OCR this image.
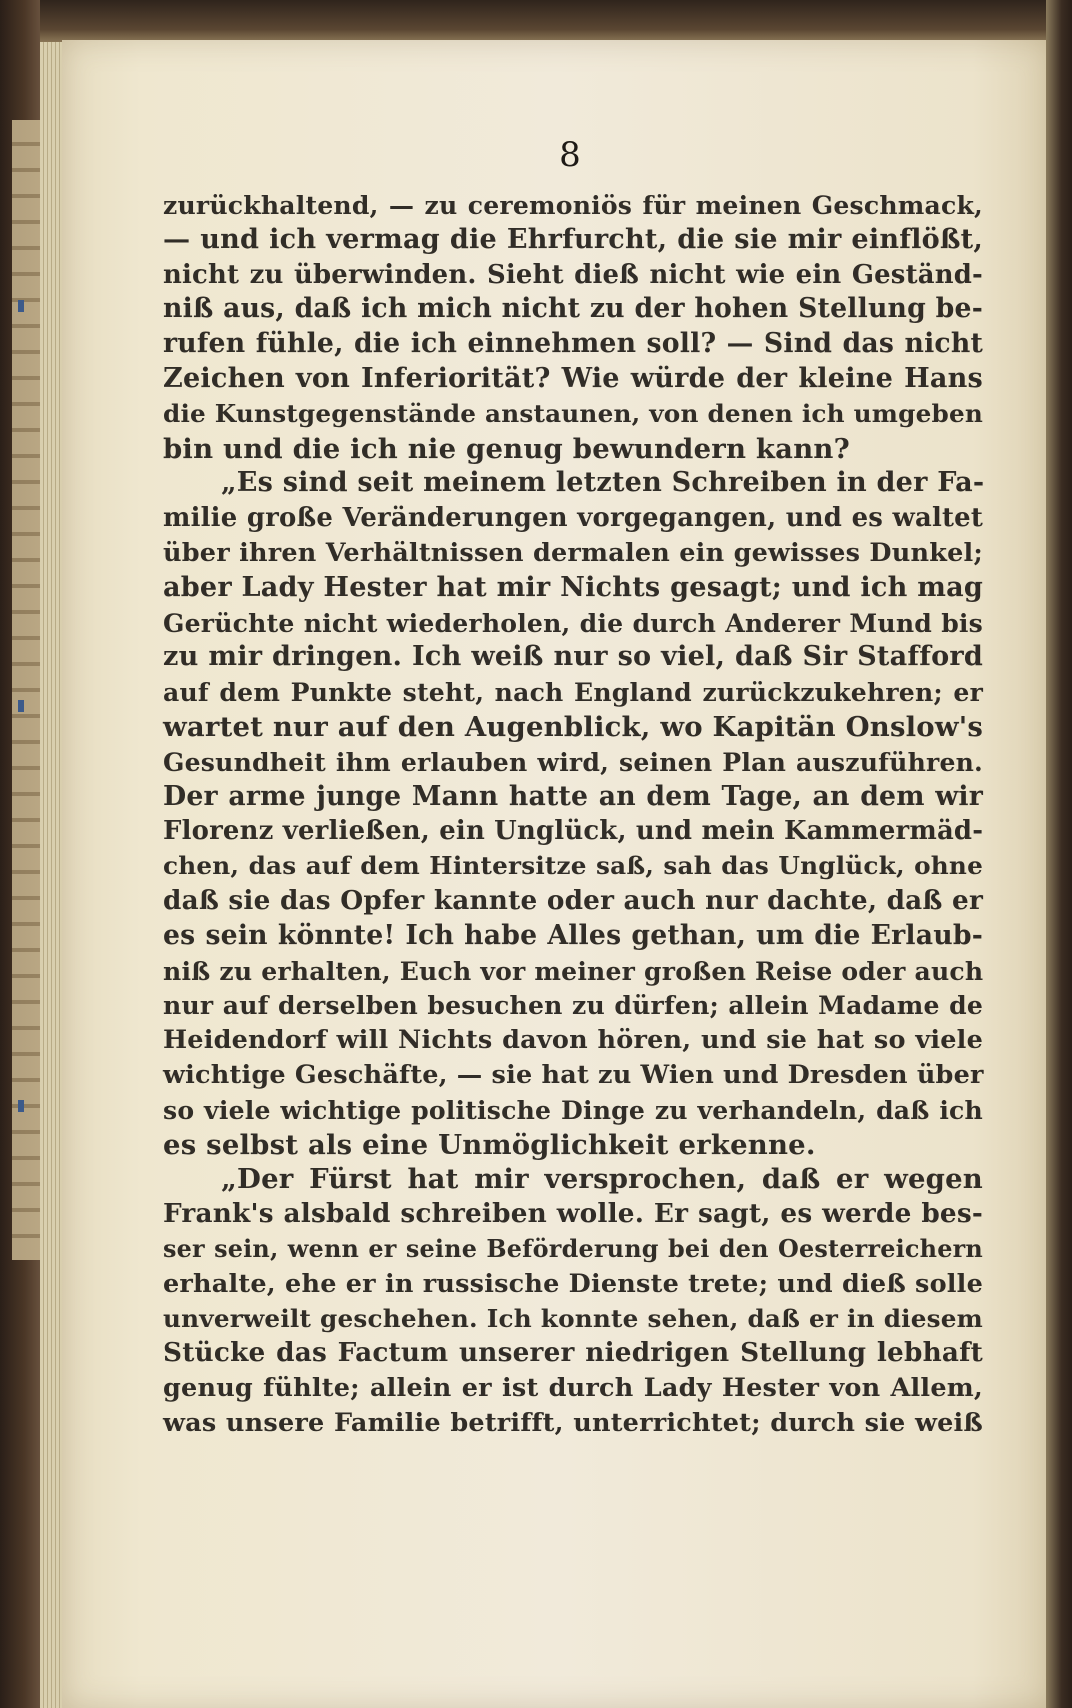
8
zurückhaltend, — zu ceremoniös für meinen Geschmack,
— und ich vermag die Ehrfurcht, die sie mir einflößt,
nicht zu überwinden. Sieht dieß nicht wie ein Geständ-
niß aus, daß ich mich nicht zu der hohen Stellung be-
rufen fühle, die ich einnehmen soll? — Sind das nicht
Zeichen von Inferiorität? Wie würde der kleine Hans
die Kunstgegenstände anstaunen, von denen ich umgeben
bin und die ich nie genug bewundern kann?
„Es sind seit meinem letzten Schreiben in der Fa-
milie große Veränderungen vorgegangen, und es waltet
über ihren Verhältnissen dermalen ein gewisses Dunkel;
aber Lady Hester hat mir Nichts gesagt; und ich mag
Gerüchte nicht wiederholen, die durch Anderer Mund bis
zu mir dringen. Ich weiß nur so viel, daß Sir Stafford
auf dem Punkte steht, nach England zurückzukehren; er
wartet nur auf den Augenblick, wo Kapitän Onslow's
Gesundheit ihm erlauben wird, seinen Plan auszuführen.
Der arme junge Mann hatte an dem Tage, an dem wir
Florenz verließen, ein Unglück, und mein Kammermäd-
chen, das auf dem Hintersitze saß, sah das Unglück, ohne
daß sie das Opfer kannte oder auch nur dachte, daß er
es sein könnte! Ich habe Alles gethan, um die Erlaub-
niß zu erhalten, Euch vor meiner großen Reise oder auch
nur auf derselben besuchen zu dürfen; allein Madame de
Heidendorf will Nichts davon hören, und sie hat so viele
wichtige Geschäfte, — sie hat zu Wien und Dresden über
so viele wichtige politische Dinge zu verhandeln, daß ich
es selbst als eine Unmöglichkeit erkenne.
„Der Fürst hat mir versprochen, daß er wegen
Frank's alsbald schreiben wolle. Er sagt, es werde bes-
ser sein, wenn er seine Beförderung bei den Oesterreichern
erhalte, ehe er in russische Dienste trete; und dieß solle
unverweilt geschehen. Ich konnte sehen, daß er in diesem
Stücke das Factum unserer niedrigen Stellung lebhaft
genug fühlte; allein er ist durch Lady Hester von Allem,
was unsere Familie betrifft, unterrichtet; durch sie weiß
